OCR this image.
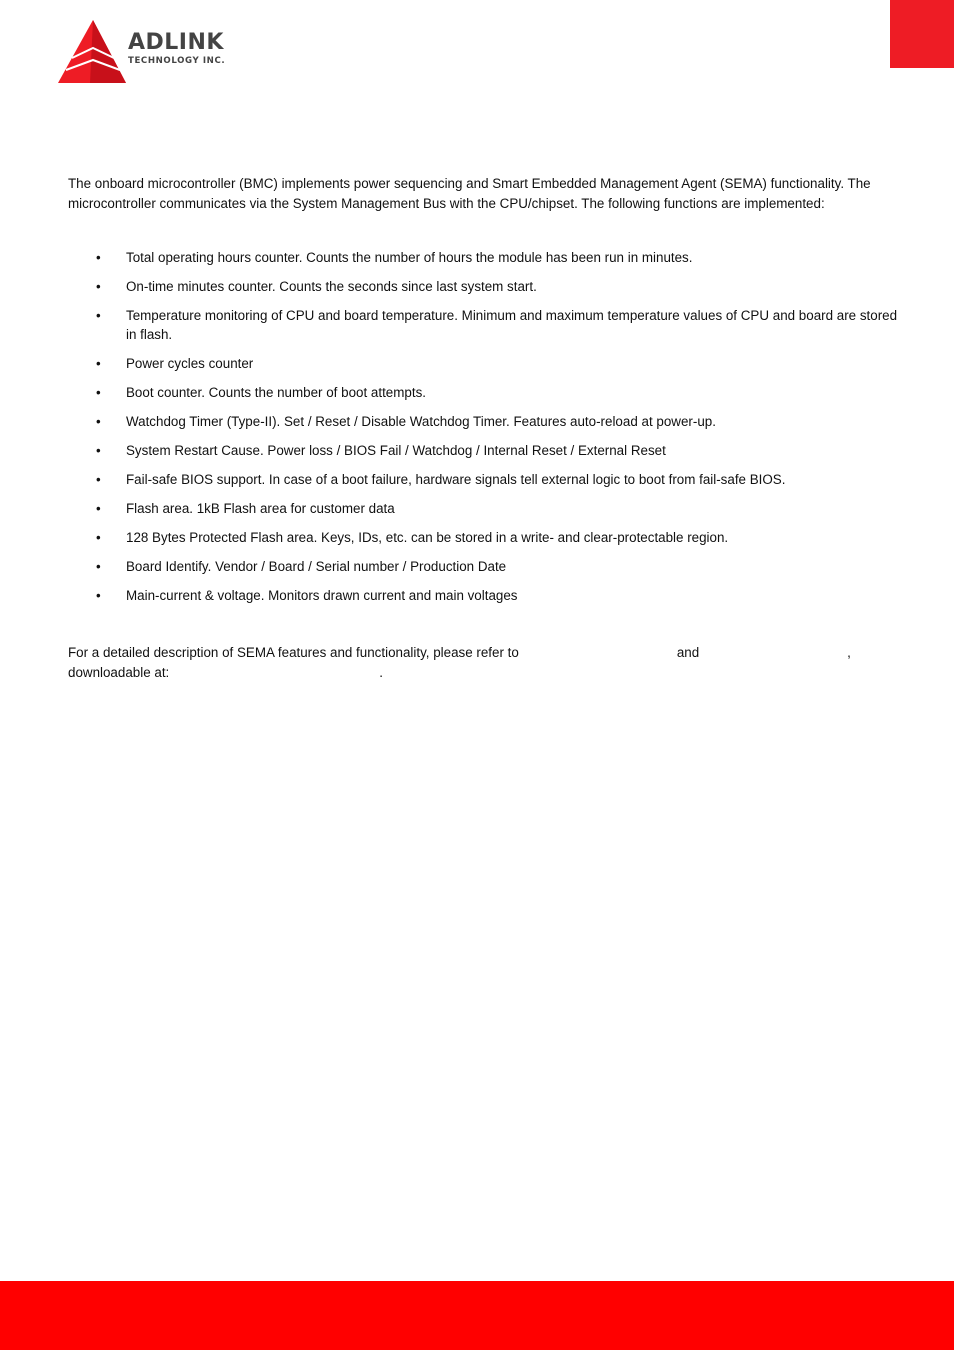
ADLINK
TECHNOLOGY INC.

The onboard microcontroller (BMC) implements power sequencing and Smart Embedded Management Agent (SEMA) functionality. The microcontroller communicates via the System Management Bus with the CPU/chipset. The following functions are implemented:

• Total operating hours counter. Counts the number of hours the module has been run in minutes.
• On-time minutes counter. Counts the seconds since last system start.
• Temperature monitoring of CPU and board temperature. Minimum and maximum temperature values of CPU and board are stored in flash.
• Power cycles counter
• Boot counter. Counts the number of boot attempts.
• Watchdog Timer (Type-II). Set / Reset / Disable Watchdog Timer. Features auto-reload at power-up.
• System Restart Cause. Power loss / BIOS Fail / Watchdog / Internal Reset / External Reset
• Fail-safe BIOS support. In case of a boot failure, hardware signals tell external logic to boot from fail-safe BIOS.
• Flash area. 1kB Flash area for customer data
• 128 Bytes Protected Flash area. Keys, IDs, etc. can be stored in a write- and clear-protectable region.
• Board Identify. Vendor / Board / Serial number / Production Date
• Main-current & voltage. Monitors drawn current and main voltages

For a detailed description of SEMA features and functionality, please refer to	and	,
downloadable at:	.
